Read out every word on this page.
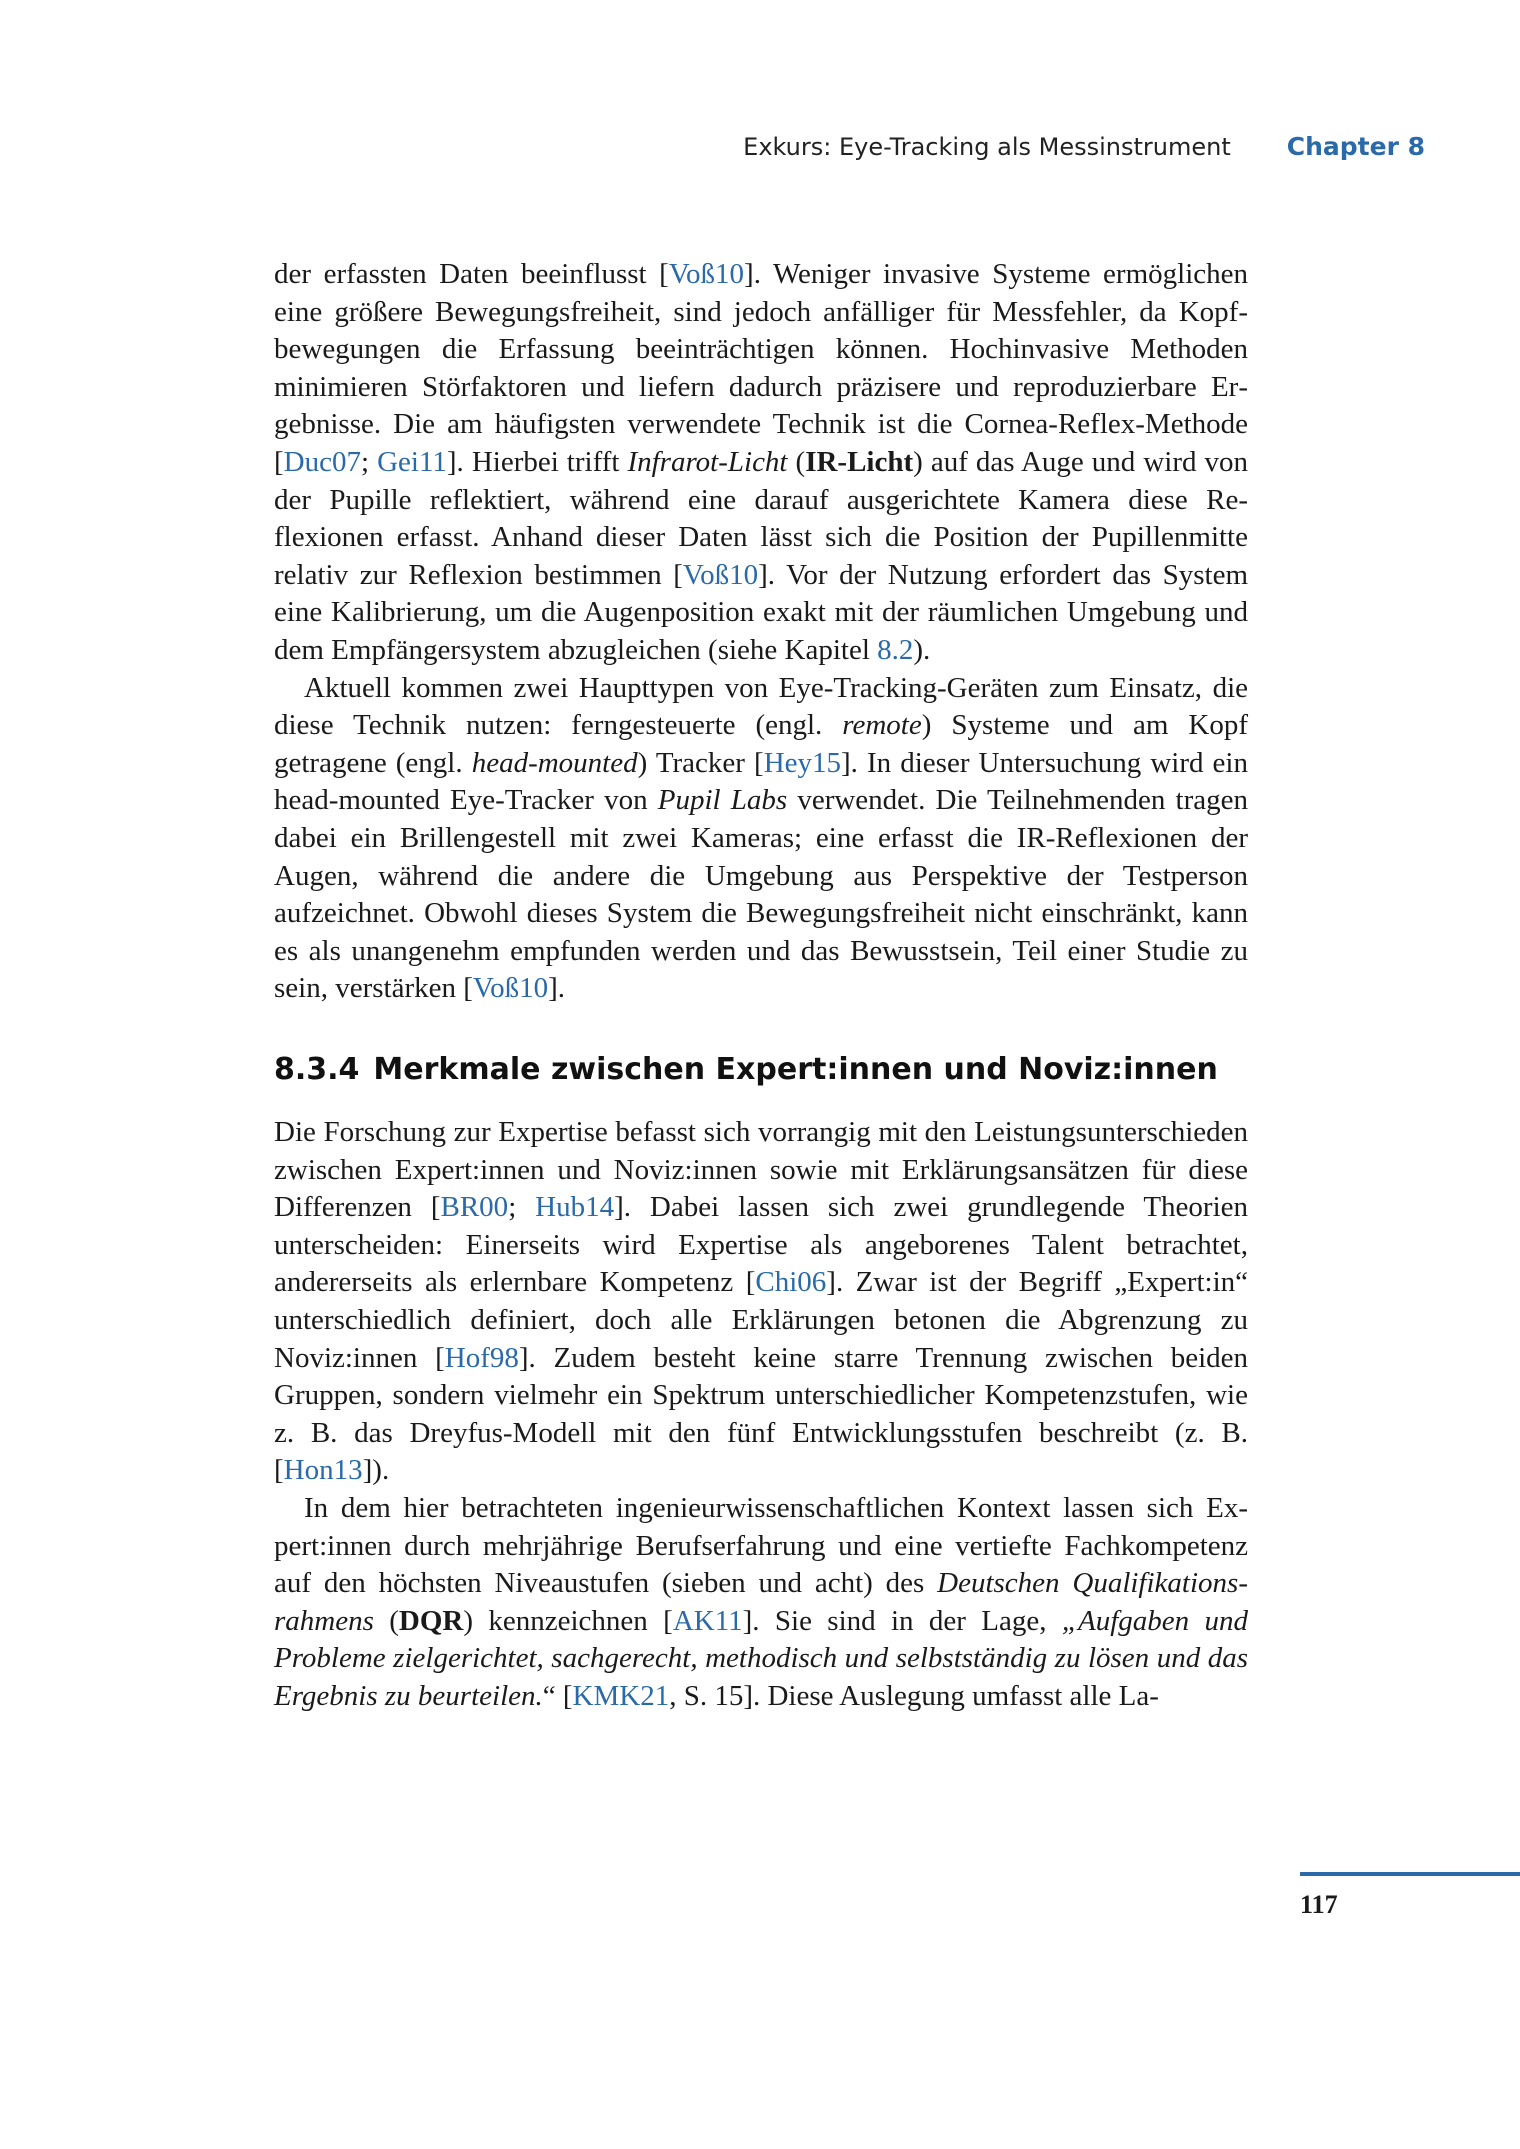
Exkurs: Eye-Tracking als Messinstrument Chapter 8

der erfassten Daten beeinflusst [Voß10]. Weniger invasive Systeme ermöglichen eine größere Bewegungsfreiheit, sind jedoch anfälliger für Messfehler, da Kopfbewegungen die Erfassung beeinträchtigen können. Hochinvasive Methoden minimieren Störfaktoren und liefern dadurch präzisere und reproduzierbare Ergebnisse. Die am häufigsten verwendete Technik ist die Cornea-Reflex-Methode [Duc07; Gei11]. Hierbei trifft Infrarot-Licht (IR-Licht) auf das Auge und wird von der Pupille reflektiert, während eine darauf ausgerichtete Kamera diese Reflexionen erfasst. Anhand dieser Daten lässt sich die Position der Pupillenmitte relativ zur Reflexion bestimmen [Voß10]. Vor der Nutzung erfordert das System eine Kalibrierung, um die Augenposition exakt mit der räumlichen Umgebung und dem Empfängersystem abzugleichen (siehe Kapitel 8.2).

Aktuell kommen zwei Haupttypen von Eye-Tracking-Geräten zum Einsatz, die diese Technik nutzen: ferngesteuerte (engl. remote) Systeme und am Kopf getragene (engl. head-mounted) Tracker [Hey15]. In dieser Untersuchung wird ein head-mounted Eye-Tracker von Pupil Labs verwendet. Die Teilnehmenden tragen dabei ein Brillengestell mit zwei Kameras; eine erfasst die IR-Reflexionen der Augen, während die andere die Umgebung aus Perspektive der Testperson aufzeichnet. Obwohl dieses System die Bewegungsfreiheit nicht einschränkt, kann es als unangenehm empfunden werden und das Bewusstsein, Teil einer Studie zu sein, verstärken [Voß10].

8.3.4 Merkmale zwischen Expert:innen und Noviz:innen

Die Forschung zur Expertise befasst sich vorrangig mit den Leistungsunterschieden zwischen Expert:innen und Noviz:innen sowie mit Erklärungsansätzen für diese Differenzen [BR00; Hub14]. Dabei lassen sich zwei grundlegende Theorien unterscheiden: Einerseits wird Expertise als angeborenes Talent betrachtet, andererseits als erlernbare Kompetenz [Chi06]. Zwar ist der Begriff „Expert:in“ unterschiedlich definiert, doch alle Erklärungen betonen die Abgrenzung zu Noviz:innen [Hof98]. Zudem besteht keine starre Trennung zwischen beiden Gruppen, sondern vielmehr ein Spektrum unterschiedlicher Kompetenzstufen, wie z. B. das Dreyfus-Modell mit den fünf Entwicklungsstufen beschreibt (z. B. [Hon13]).

In dem hier betrachteten ingenieurwissenschaftlichen Kontext lassen sich Expert:innen durch mehrjährige Berufserfahrung und eine vertiefte Fachkompetenz auf den höchsten Niveaustufen (sieben und acht) des Deutschen Qualifikationsrahmens (DQR) kennzeichnen [AK11]. Sie sind in der Lage, „Aufgaben und Probleme zielgerichtet, sachgerecht, methodisch und selbstständig zu lösen und das Ergebnis zu beurteilen.“ [KMK21, S. 15]. Diese Auslegung umfasst alle La-

117
